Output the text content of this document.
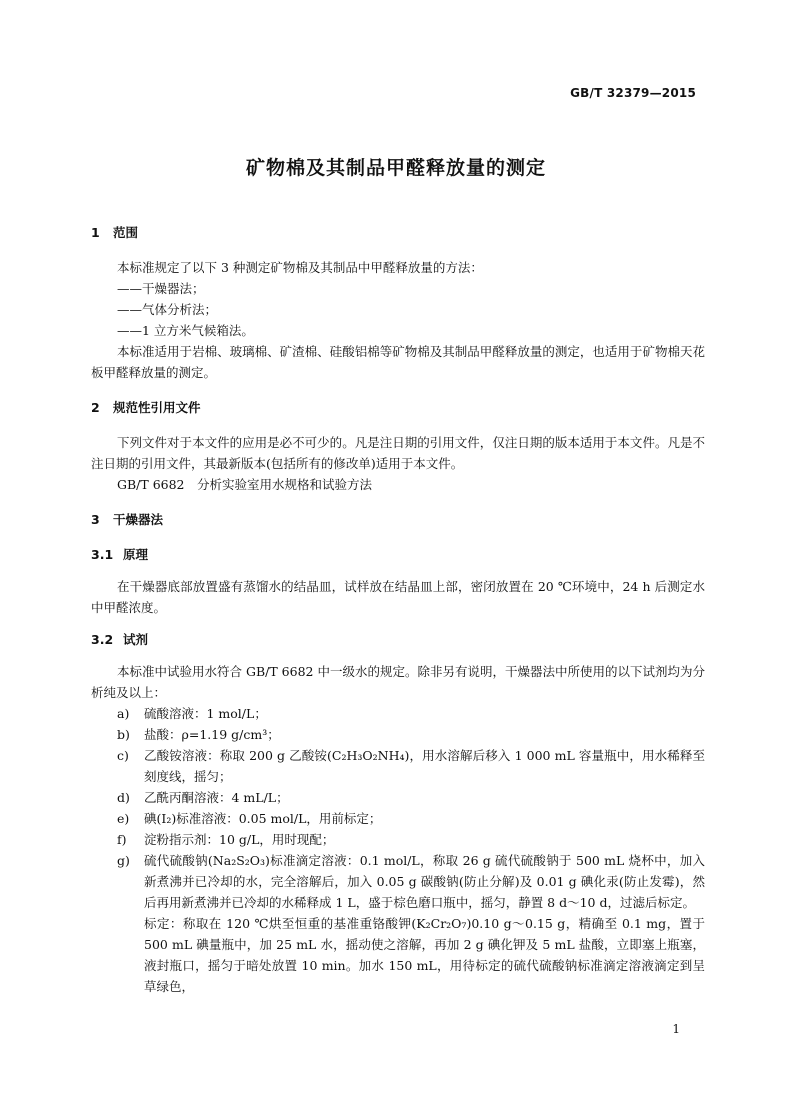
GB/T 32379—2015
矿物棉及其制品甲醛释放量的测定
1 范围

本标准规定了以下 3 种测定矿物棉及其制品中甲醛释放量的方法：

——干燥器法；

——气体分析法；

——1 立方米气候箱法。

本标准适用于岩棉、玻璃棉、矿渣棉、硅酸铝棉等矿物棉及其制品甲醛释放量的测定，也适用于矿物棉天花板甲醛释放量的测定。

2 规范性引用文件

下列文件对于本文件的应用是必不可少的。凡是注日期的引用文件，仅注日期的版本适用于本文件。凡是不注日期的引用文件，其最新版本(包括所有的修改单)适用于本文件。

GB/T 6682　分析实验室用水规格和试验方法

3 干燥器法
3.1 原理

在干燥器底部放置盛有蒸馏水的结晶皿，试样放在结晶皿上部，密闭放置在 20 ℃环境中，24 h 后测定水中甲醛浓度。

3.2 试剂

本标准中试验用水符合 GB/T 6682 中一级水的规定。除非另有说明，干燥器法中所使用的以下试剂均为分析纯及以上：

a) 硫酸溶液：1 mol/L；
b) 盐酸：ρ=1.19 g/cm³；
c) 乙酸铵溶液：称取 200 g 乙酸铵(C₂H₃O₂NH₄)，用水溶解后移入 1 000 mL 容量瓶中，用水稀释至刻度线，摇匀；
d) 乙酰丙酮溶液：4 mL/L；
e) 碘(I₂)标准溶液：0.05 mol/L，用前标定；
f) 淀粉指示剂：10 g/L，用时现配；
g) 硫代硫酸钠(Na₂S₂O₃)标准滴定溶液：0.1 mol/L，称取 26 g 硫代硫酸钠于 500 mL 烧杯中，加入新煮沸并已冷却的水，完全溶解后，加入 0.05 g 碳酸钠(防止分解)及 0.01 g 碘化汞(防止发霉)，然后再用新煮沸并已冷却的水稀释成 1 L，盛于棕色磨口瓶中，摇匀，静置 8 d～10 d，过滤后标定。

标定：称取在 120 ℃烘至恒重的基准重铬酸钾(K₂Cr₂O₇)0.10 g～0.15 g，精确至 0.1 mg，置于 500 mL 碘量瓶中，加 25 mL 水，摇动使之溶解，再加 2 g 碘化钾及 5 mL 盐酸，立即塞上瓶塞，液封瓶口，摇匀于暗处放置 10 min。加水 150 mL，用待标定的硫代硫酸钠标准滴定溶液滴定到呈草绿色，

1
